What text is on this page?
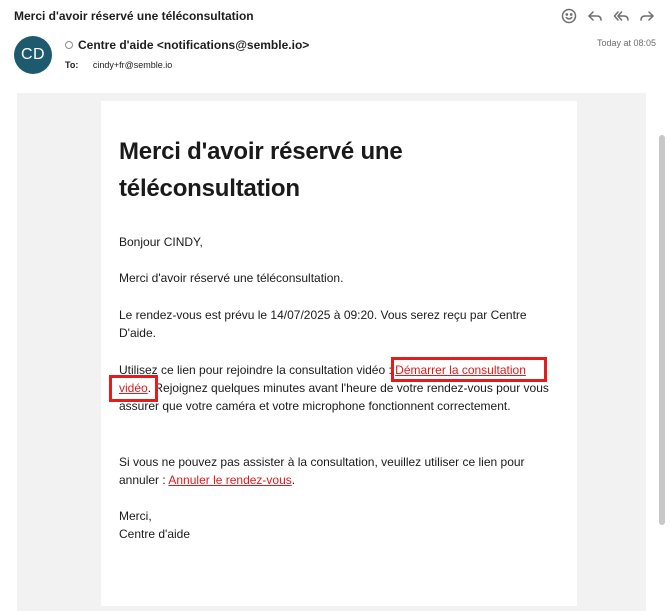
Merci d'avoir réservé une téléconsultation
CD
Centre d'aide <notifications@semble.io>
To: cindy+fr@semble.io
Today at 08:05
Merci d'avoir réservé une téléconsultation
Bonjour CINDY,
Merci d'avoir réservé une téléconsultation.
Le rendez-vous est prévu le 14/07/2025 à 09:20. Vous serez reçu par Centre D'aide.
Utilisez ce lien pour rejoindre la consultation vidéo : Démarrer la consultation vidéo. Rejoignez quelques minutes avant l'heure de votre rendez-vous pour vous assurer que votre caméra et votre microphone fonctionnent correctement.
Si vous ne pouvez pas assister à la consultation, veuillez utiliser ce lien pour annuler : Annuler le rendez-vous.
Merci,
Centre d'aide
